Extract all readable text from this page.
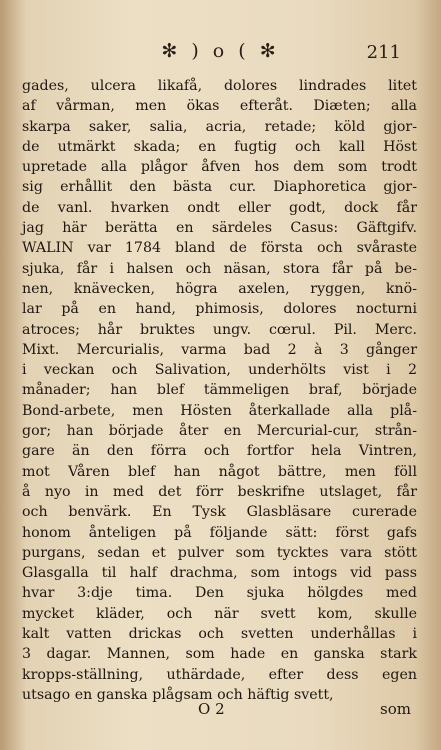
✻ ) o ( ✻	211
gades, ulcera likafå, dolores lindrades litet
af vårman, men ökas efteråt. Diæten; alla
skarpa saker, salia, acria, retade; köld gjor-
de utmärkt skada; en fugtig och kall Höst
upretade alla plågor åfven hos dem som trodt
sig erhållit den bästa cur. Diaphoretica gjor-
de vanl. hvarken ondt eller godt, dock får
jag här berätta en särdeles Casus: Gäftgifv.
WALIN var 1784 bland de första och svåraste
sjuka, får i halsen och näsan, stora får på be-
nen, knävecken, högra axelen, ryggen, knö-
lar på en hand, phimosis, dolores nocturni
atroces; hår bruktes ungv. cœrul. Pil. Merc.
Mixt. Mercurialis, varma bad 2 à 3 gånger
i veckan och Salivation, underhölts vist i 2
månader; han blef tämmeligen braf, började
Bond-arbete, men Hösten återkallade alla plå-
gor; han började åter en Mercurial-cur, strån-
gare än den förra och fortfor hela Vintren,
mot Våren blef han något bättre, men föll
å nyo in med det förr beskrifne utslaget, får
och benvärk. En Tysk Glasbläsare curerade
honom ånteligen på följande sätt: först gafs
purgans, sedan et pulver som tycktes vara stött
Glasgalla til half drachma, som intogs vid pass
hvar 3:dje tima. Den sjuka hölgdes med
mycket kläder, och när svett kom, skulle
kalt vatten drickas och svetten underhållas i
3 dagar. Mannen, som hade en ganska stark
kropps-ställning, uthärdade, efter dess egen
utsago en ganska plågsam och häftig svett,
O 2	som
